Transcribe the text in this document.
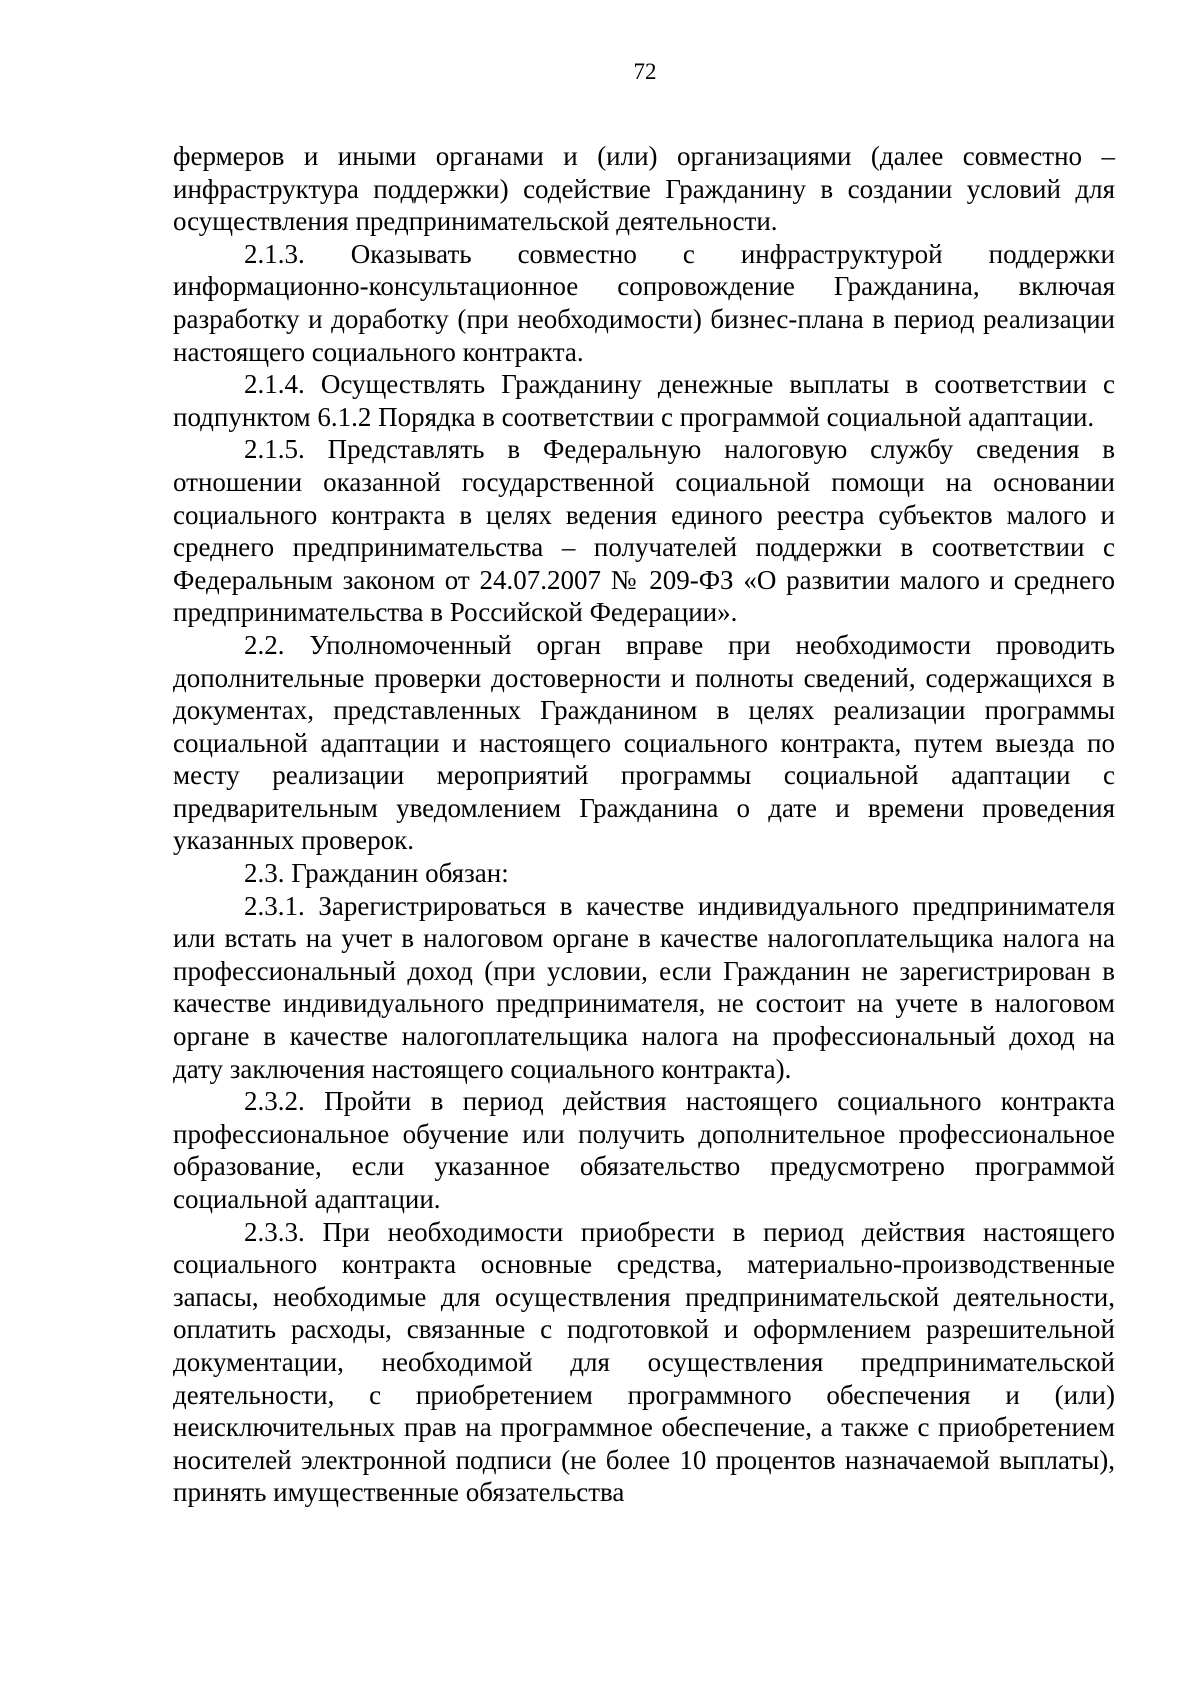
72

фермеров и иными органами и (или) организациями (далее совместно – инфраструктура поддержки) содействие Гражданину в создании условий для осуществления предпринимательской деятельности.

2.1.3. Оказывать совместно с инфраструктурой поддержки информационно-консультационное сопровождение Гражданина, включая разработку и доработку (при необходимости) бизнес-плана в период реализации настоящего социального контракта.

2.1.4. Осуществлять Гражданину денежные выплаты в соответствии с подпунктом 6.1.2 Порядка в соответствии с программой социальной адаптации.

2.1.5. Представлять в Федеральную налоговую службу сведения в отношении оказанной государственной социальной помощи на основании социального контракта в целях ведения единого реестра субъектов малого и среднего предпринимательства – получателей поддержки в соответствии с Федеральным законом от 24.07.2007 № 209-ФЗ «О развитии малого и среднего предпринимательства в Российской Федерации».

2.2. Уполномоченный орган вправе при необходимости проводить дополнительные проверки достоверности и полноты сведений, содержащихся в документах, представленных Гражданином в целях реализации программы социальной адаптации и настоящего социального контракта, путем выезда по месту реализации мероприятий программы социальной адаптации с предварительным уведомлением Гражданина о дате и времени проведения указанных проверок.

2.3. Гражданин обязан:

2.3.1. Зарегистрироваться в качестве индивидуального предпринимателя или встать на учет в налоговом органе в качестве налогоплательщика налога на профессиональный доход (при условии, если Гражданин не зарегистрирован в качестве индивидуального предпринимателя, не состоит на учете в налоговом органе в качестве налогоплательщика налога на профессиональный доход на дату заключения настоящего социального контракта).

2.3.2. Пройти в период действия настоящего социального контракта профессиональное обучение или получить дополнительное профессиональное образование, если указанное обязательство предусмотрено программой социальной адаптации.

2.3.3. При необходимости приобрести в период действия настоящего социального контракта основные средства, материально-производственные запасы, необходимые для осуществления предпринимательской деятельности, оплатить расходы, связанные с подготовкой и оформлением разрешительной документации, необходимой для осуществления предпринимательской деятельности, с приобретением программного обеспечения и (или) неисключительных прав на программное обеспечение, а также с приобретением носителей электронной подписи (не более 10 процентов назначаемой выплаты), принять имущественные обязательства
